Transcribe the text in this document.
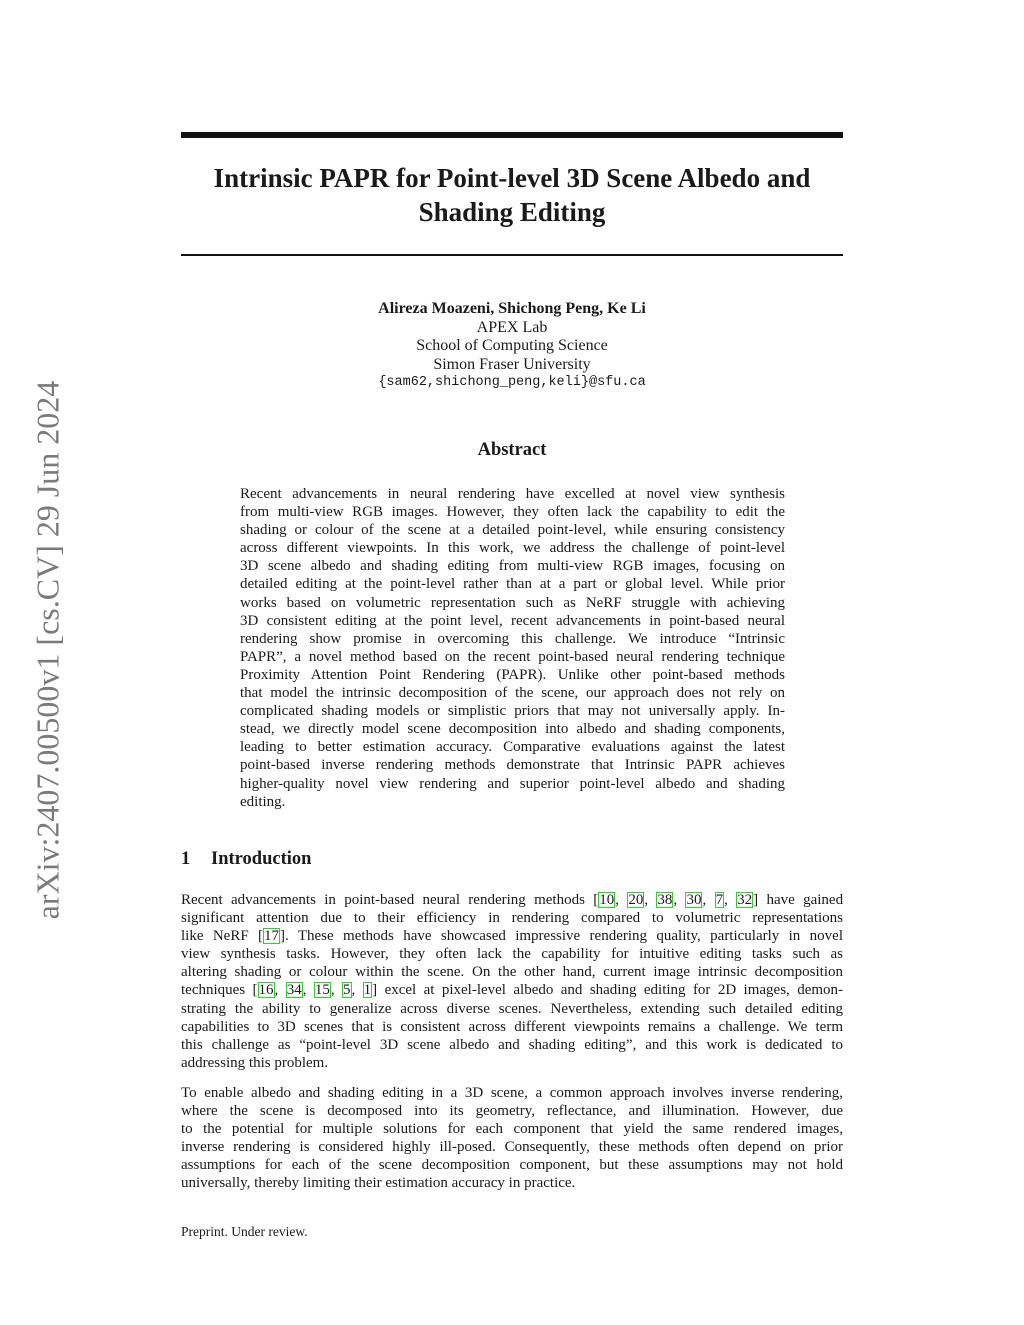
arXiv:2407.00500v1 [cs.CV] 29 Jun 2024
Intrinsic PAPR for Point-level 3D Scene Albedo and
Shading Editing
Alireza Moazeni, Shichong Peng, Ke Li
APEX Lab
School of Computing Science
Simon Fraser University
{sam62,shichong_peng,keli}@sfu.ca
Abstract
Recent advancements in neural rendering have excelled at novel view synthesis
from multi-view RGB images. However, they often lack the capability to edit the
shading or colour of the scene at a detailed point-level, while ensuring consistency
across different viewpoints. In this work, we address the challenge of point-level
3D scene albedo and shading editing from multi-view RGB images, focusing on
detailed editing at the point-level rather than at a part or global level. While prior
works based on volumetric representation such as NeRF struggle with achieving
3D consistent editing at the point level, recent advancements in point-based neural
rendering show promise in overcoming this challenge. We introduce “Intrinsic
PAPR”, a novel method based on the recent point-based neural rendering technique
Proximity Attention Point Rendering (PAPR). Unlike other point-based methods
that model the intrinsic decomposition of the scene, our approach does not rely on
complicated shading models or simplistic priors that may not universally apply. In-
stead, we directly model scene decomposition into albedo and shading components,
leading to better estimation accuracy. Comparative evaluations against the latest
point-based inverse rendering methods demonstrate that Intrinsic PAPR achieves
higher-quality novel view rendering and superior point-level albedo and shading
editing.
1 Introduction
Recent advancements in point-based neural rendering methods [10, 20, 38, 30, 7, 32] have gained
significant attention due to their efficiency in rendering compared to volumetric representations
like NeRF [17]. These methods have showcased impressive rendering quality, particularly in novel
view synthesis tasks. However, they often lack the capability for intuitive editing tasks such as
altering shading or colour within the scene. On the other hand, current image intrinsic decomposition
techniques [16, 34, 15, 5, 1] excel at pixel-level albedo and shading editing for 2D images, demon-
strating the ability to generalize across diverse scenes. Nevertheless, extending such detailed editing
capabilities to 3D scenes that is consistent across different viewpoints remains a challenge. We term
this challenge as “point-level 3D scene albedo and shading editing”, and this work is dedicated to
addressing this problem.
To enable albedo and shading editing in a 3D scene, a common approach involves inverse rendering,
where the scene is decomposed into its geometry, reflectance, and illumination. However, due
to the potential for multiple solutions for each component that yield the same rendered images,
inverse rendering is considered highly ill-posed. Consequently, these methods often depend on prior
assumptions for each of the scene decomposition component, but these assumptions may not hold
universally, thereby limiting their estimation accuracy in practice.
Preprint. Under review.
